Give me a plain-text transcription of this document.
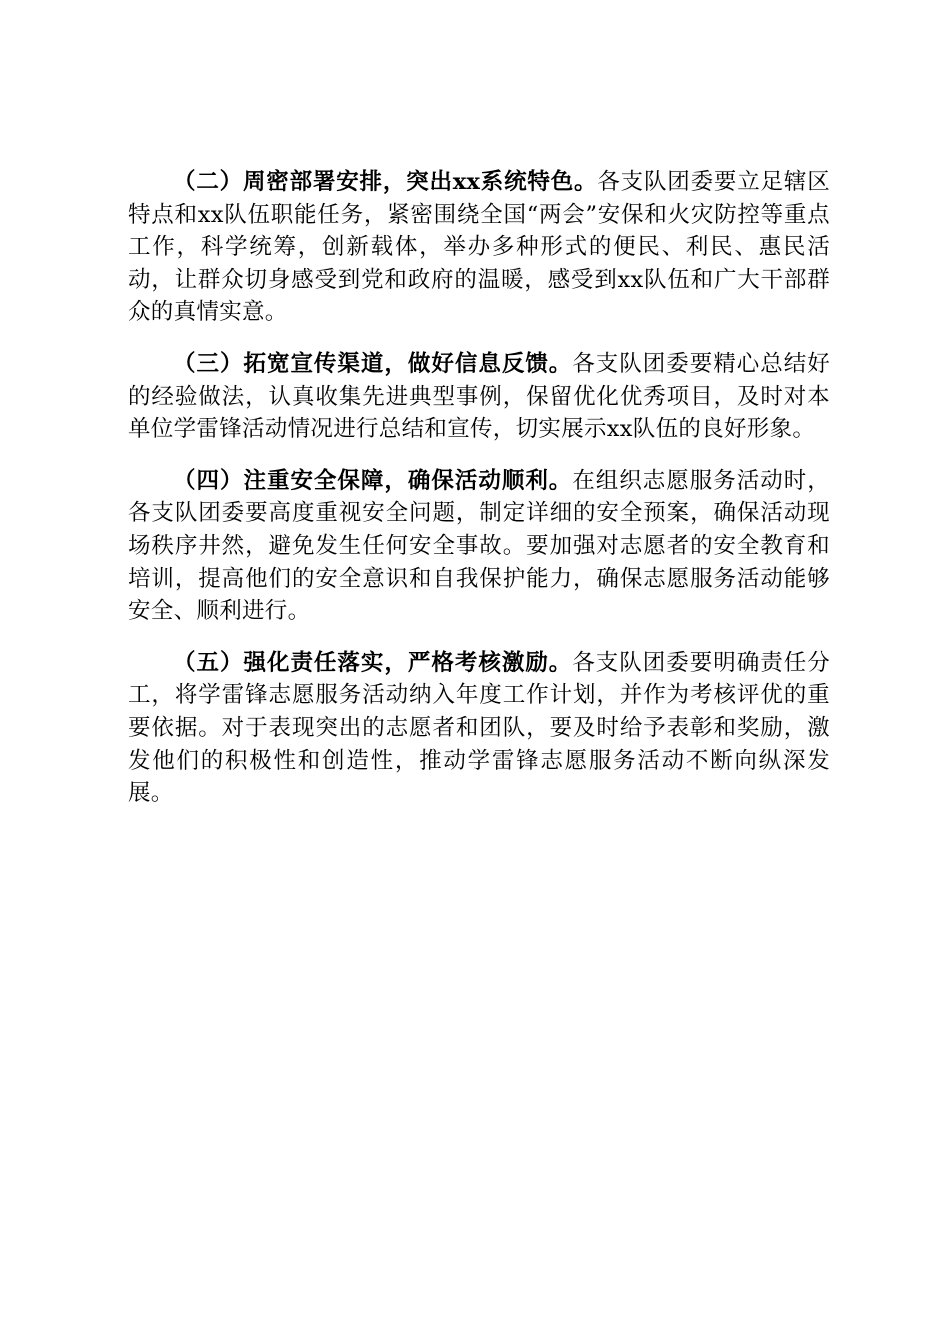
（二）周密部署安排，突出xx系统特色。各支队团委要立足辖区特点和xx队伍职能任务，紧密围绕全国“两会”安保和火灾防控等重点工作，科学统筹，创新载体，举办多种形式的便民、利民、惠民活动，让群众切身感受到党和政府的温暖，感受到xx队伍和广大干部群众的真情实意。

（三）拓宽宣传渠道，做好信息反馈。各支队团委要精心总结好的经验做法，认真收集先进典型事例，保留优化优秀项目，及时对本单位学雷锋活动情况进行总结和宣传，切实展示xx队伍的良好形象。

（四）注重安全保障，确保活动顺利。在组织志愿服务活动时，各支队团委要高度重视安全问题，制定详细的安全预案，确保活动现场秩序井然，避免发生任何安全事故。要加强对志愿者的安全教育和培训，提高他们的安全意识和自我保护能力，确保志愿服务活动能够安全、顺利进行。

（五）强化责任落实，严格考核激励。各支队团委要明确责任分工，将学雷锋志愿服务活动纳入年度工作计划，并作为考核评优的重要依据。对于表现突出的志愿者和团队，要及时给予表彰和奖励，激发他们的积极性和创造性，推动学雷锋志愿服务活动不断向纵深发展。
